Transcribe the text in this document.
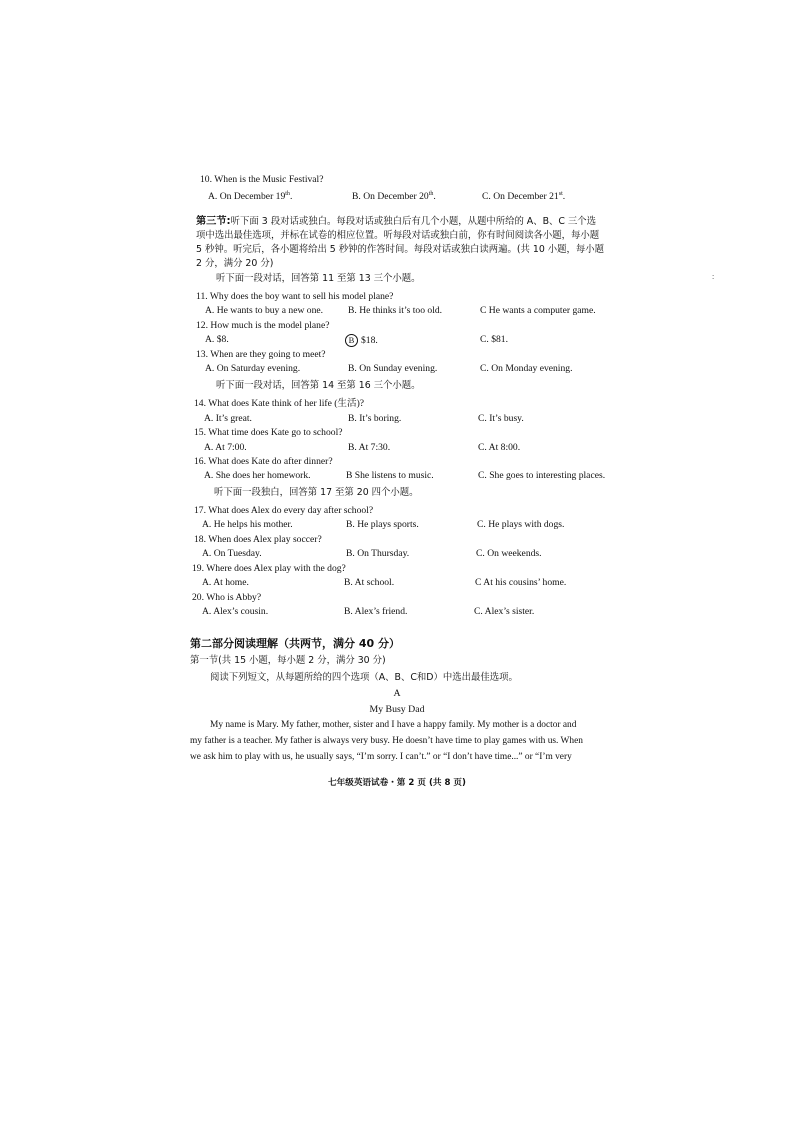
10. When is the Music Festival?
A. On December 19th.	B. On December 20th.	C. On December 21st.
第三节:听下面 3 段对话或独白。每段对话或独白后有几个小题，从题中所给的 A、B、C 三个选
项中选出最佳选项，并标在试卷的相应位置。听每段对话或独白前，你有时间阅读各小题，每小题
5 秒钟。听完后，各小题将给出 5 秒钟的作答时间。每段对话或独白读两遍。(共 10 小题，每小题
2 分，满分 20 分)
听下面一段对话，回答第 11 至第 13 三个小题。
11. Why does the boy want to sell his model plane?
A. He wants to buy a new one.	B. He thinks it’s too old.	C He wants a computer game.
12. How much is the model plane?
A. $8.	B $18.	C. $81.
13. When are they going to meet?
A. On Saturday evening.	B. On Sunday evening.	C. On Monday evening.
听下面一段对话，回答第 14 至第 16 三个小题。
14. What does Kate think of her life (生活)?
A. It’s great.	B. It’s boring.	C. It’s busy.
15. What time does Kate go to school?
A. At 7:00.	B. At 7:30.	C. At 8:00.
16. What does Kate do after dinner?
A. She does her homework.	B She listens to music.	C. She goes to interesting places.
听下面一段独白，回答第 17 至第 20 四个小题。
17. What does Alex do every day after school?
A. He helps his mother.	B. He plays sports.	C. He plays with dogs.
18. When does Alex play soccer?
A. On Tuesday.	B. On Thursday.	C. On weekends.
19. Where does Alex play with the dog?
A. At home.	B. At school.	C At his cousins’ home.
20. Who is Abby?
A. Alex’s cousin.	B. Alex’s friend.	C. Alex’s sister.
第二部分阅读理解（共两节，满分 40 分）
第一节(共 15 小题，每小题 2 分，满分 30 分)
阅读下列短文，从每题所给的四个选项（A、B、C和D）中选出最佳选项。
A
My Busy Dad
My name is Mary. My father, mother, sister and I have a happy family. My mother is a doctor and
my father is a teacher. My father is always very busy. He doesn’t have time to play games with us. When
we ask him to play with us, he usually says, “I’m sorry. I can’t.” or “I don’t have time...” or “I’m very
七年级英语试卷・第 2 页 (共 8 页)
:
